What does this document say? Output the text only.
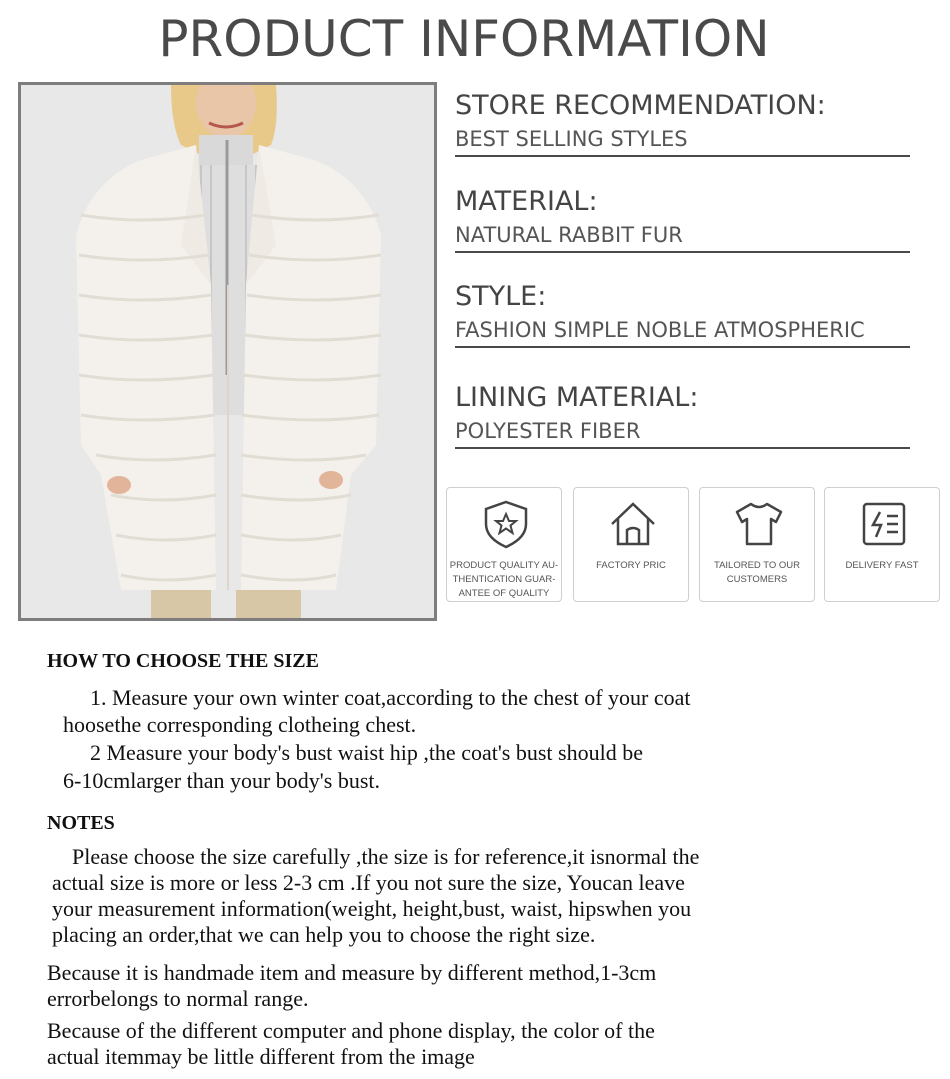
PRODUCT INFORMATION
STORE RECOMMENDATION:
BEST SELLING STYLES
MATERIAL:
NATURAL RABBIT FUR
STYLE:
FASHION SIMPLE NOBLE ATMOSPHERIC
LINING MATERIAL:
POLYESTER FIBER
PRODUCT QUALITY AU-
THENTICATION GUAR-
ANTEE OF QUALITY
FACTORY PRIC	TAILORED TO OUR
CUSTOMERS
DELIVERY FAST
HOW TO CHOOSE THE SIZE
1. Measure your own winter coat,according to the chest of your coat
hoosethe corresponding clotheing chest.
2 Measure your body's bust waist hip ,the coat's bust should be
6-10cmlarger than your body's bust.
NOTES
Please choose the size carefully ,the size is for reference,it isnormal the
actual size is more or less 2-3 cm .If you not sure the size, Youcan leave
your measurement information(weight, height,bust, waist, hipswhen you
placing an order,that we can help you to choose the right size.
Because it is handmade item and measure by different method,1-3cm
errorbelongs to normal range.
Because of the different computer and phone display, the color of the
actual itemmay be little different from the image
